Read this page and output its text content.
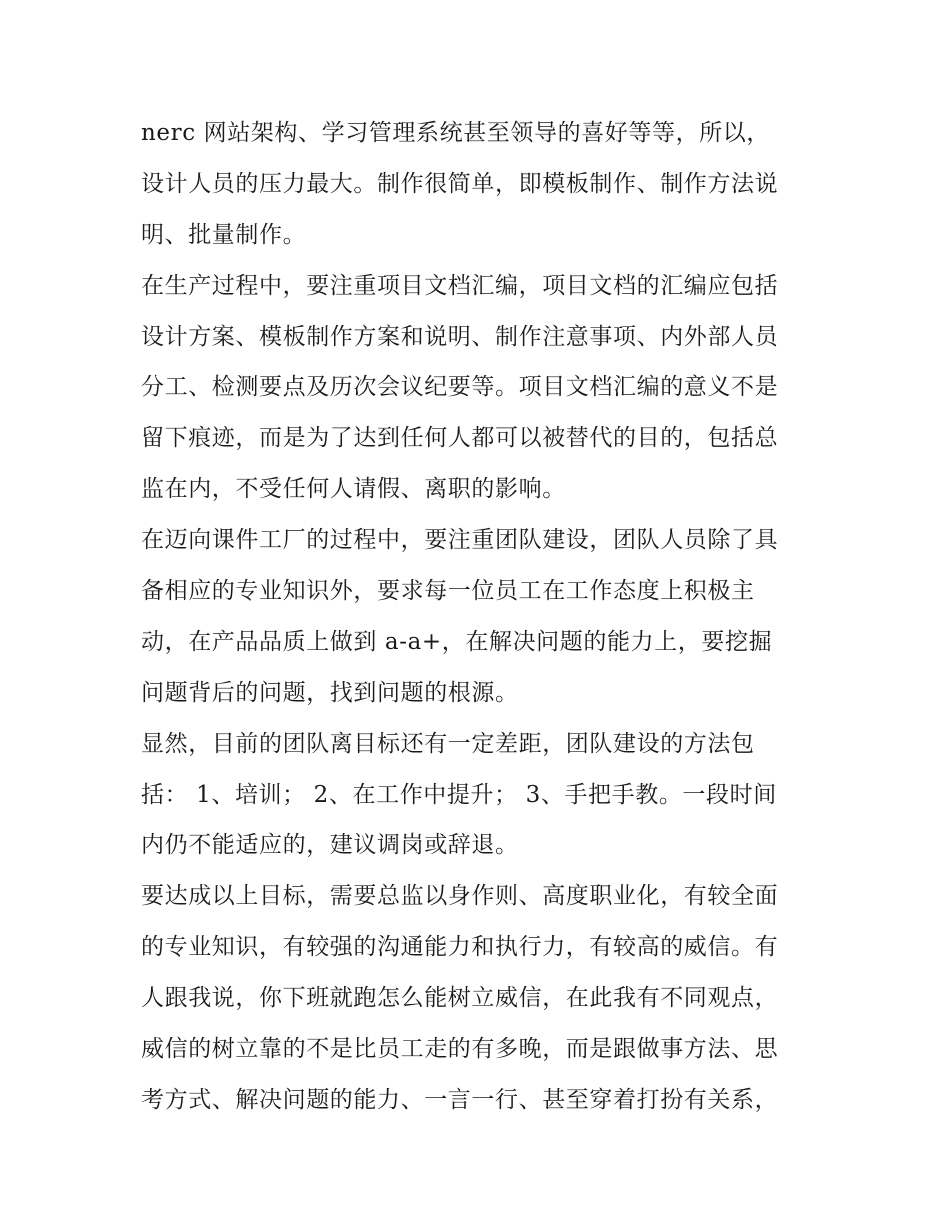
nerc 网站架构、学习管理系统甚至领导的喜好等等，所以，
设计人员的压力最大。制作很简单，即模板制作、制作方法说
明、批量制作。
在生产过程中，要注重项目文档汇编，项目文档的汇编应包括
设计方案、模板制作方案和说明、制作注意事项、内外部人员
分工、检测要点及历次会议纪要等。项目文档汇编的意义不是
留下痕迹，而是为了达到任何人都可以被替代的目的，包括总
监在内，不受任何人请假、离职的影响。
在迈向课件工厂的过程中，要注重团队建设，团队人员除了具
备相应的专业知识外，要求每一位员工在工作态度上积极主
动，在产品品质上做到 a-a+，在解决问题的能力上，要挖掘
问题背后的问题，找到问题的根源。
显然，目前的团队离目标还有一定差距，团队建设的方法包
括： 1、培训； 2、在工作中提升； 3、手把手教。一段时间
内仍不能适应的，建议调岗或辞退。
要达成以上目标，需要总监以身作则、高度职业化，有较全面
的专业知识，有较强的沟通能力和执行力，有较高的威信。有
人跟我说，你下班就跑怎么能树立威信，在此我有不同观点，
威信的树立靠的不是比员工走的有多晚，而是跟做事方法、思
考方式、解决问题的能力、一言一行、甚至穿着打扮有关系，
